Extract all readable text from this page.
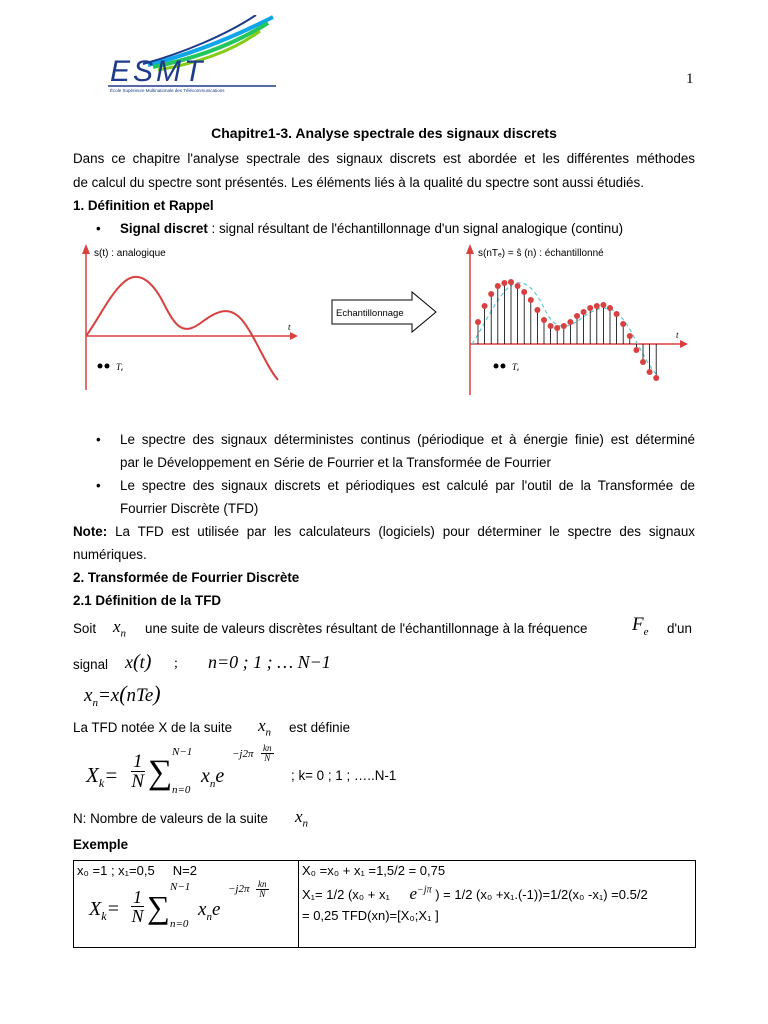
ESMT
École Supérieure Multinationale des Télécommunications
1
Chapitre1-3. Analyse spectrale des signaux discrets
Dans ce chapitre l'analyse spectrale des signaux discrets est abordée et les différentes méthodes
de calcul du spectre sont présentés. Les éléments liés à la qualité du spectre sont aussi étudiés.
1. Définition et Rappel
• Signal discret : signal résultant de l'échantillonnage d'un signal analogique (continu)
s(t) : analogique
t
Tₑ
Echantillonnage
s(nTₑ) = ŝ (n) : échantillonné
t
Tₑ
• Le spectre des signaux déterministes continus (périodique et à énergie finie) est déterminé
par le Développement en Série de Fourrier et la Transformée de Fourrier
• Le spectre des signaux discrets et périodiques est calculé par l'outil de la Transformée de
Fourrier Discrète (TFD)
Note: La TFD est utilisée par les calculateurs (logiciels) pour déterminer le spectre des signaux
numériques.
2. Transformée de Fourrier Discrète
2.1 Définition de la TFD
Soit $x_n$ une suite de valeurs discrètes résultant de l'échantillonnage à la fréquence $F_e$ d'un
signal x(t) ; n=0 ; 1 ; … N−1
$x_n=x(nTe)$
La TFD notée X de la suite $x_n$ est définie
$X_k= \frac{1}{N}$ ∑
N−1
n=0
$x_ne$
$-j2\pi \frac{kn}{N}$
; k= 0 ; 1 ; …..N-1
N: Nombre de valeurs de la suite $x_n$
Exemple
x₀ =1 ; x₁=0,5     N=2
$X_k= \frac{1}{N}$ ∑
N−1
n=0
$x_ne$
$-j2\pi \frac{kn}{N}$

X₀ =x₀ + x₁ =1,5/2 = 0,75
X₁= 1/2 (x₀ + x₁ $e^{-j\pi}$ ) = 1/2 (x₀ +x₁.(-1))=1/2(x₀ -x₁) =0.5/2
= 0,25 TFD(xn)=[X₀;X₁ ]
